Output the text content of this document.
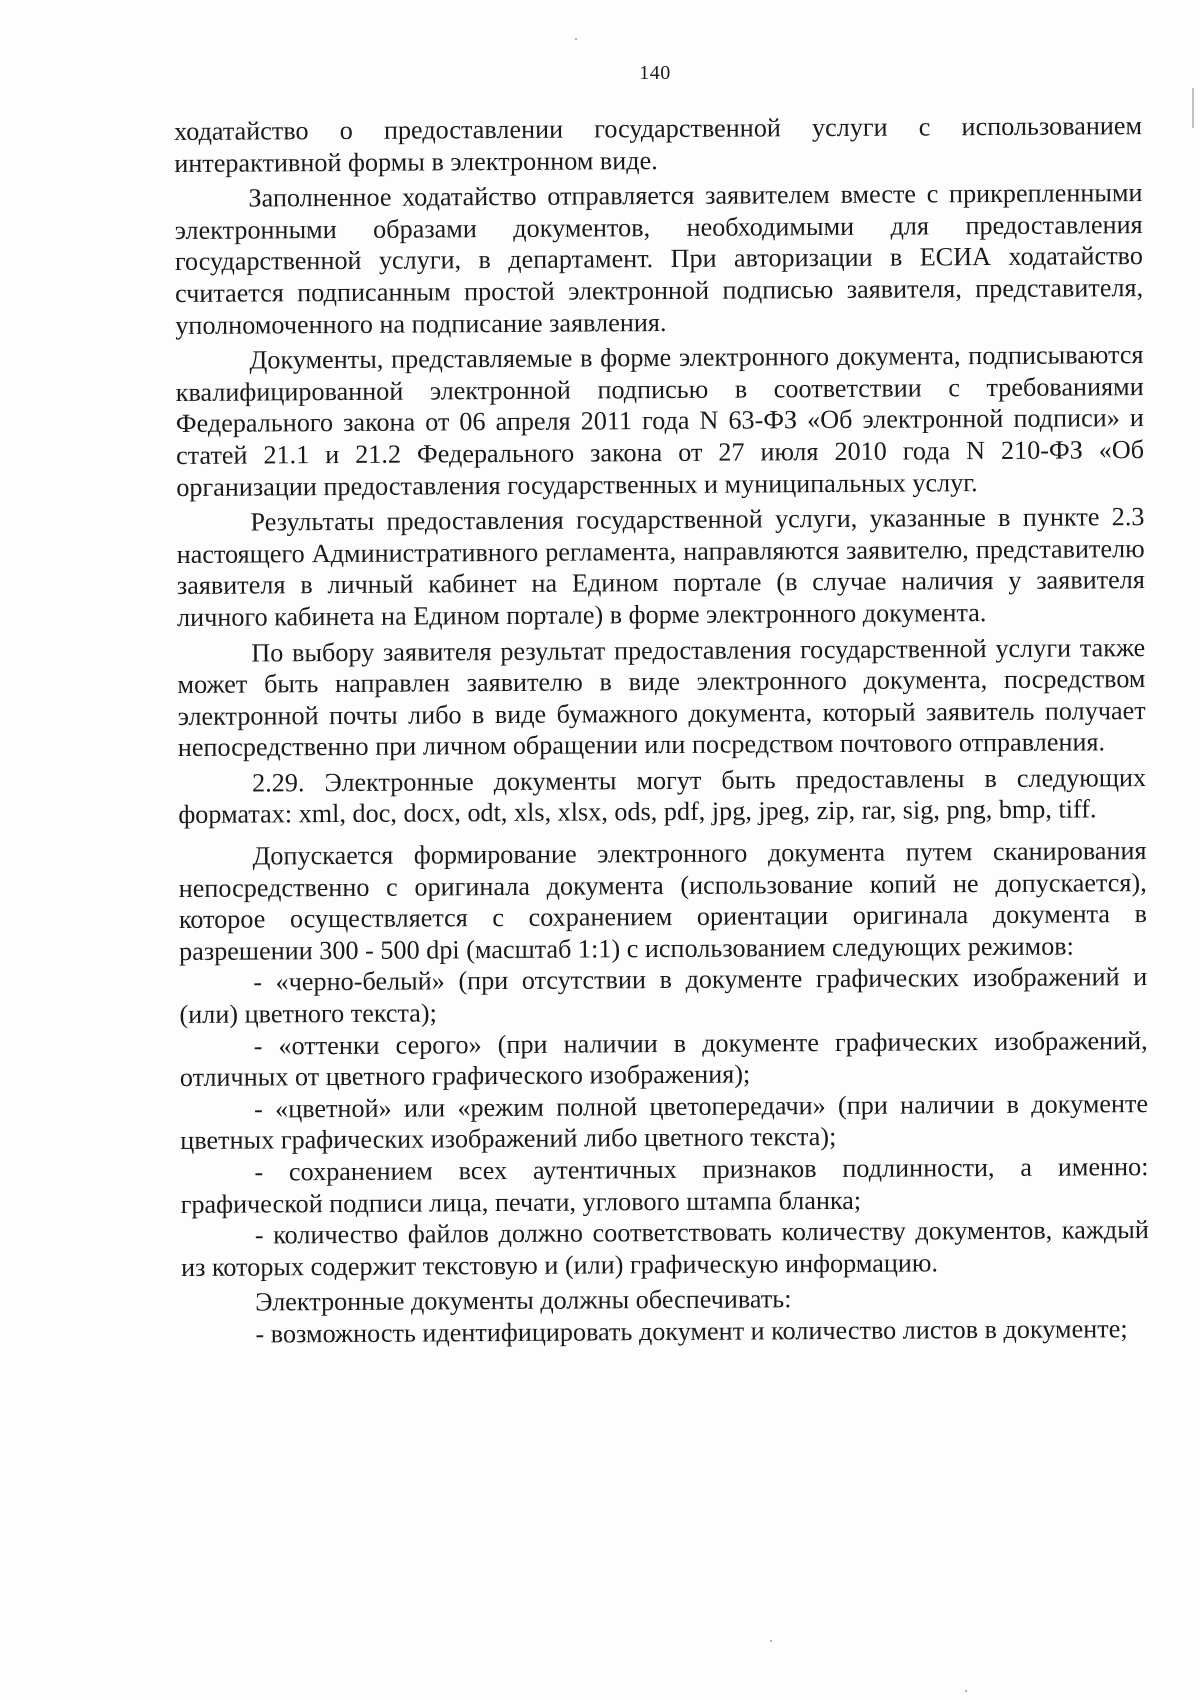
140

ходатайство о предоставлении государственной услуги с использованием интерактивной формы в электронном виде.

Заполненное ходатайство отправляется заявителем вместе с прикрепленными электронными образами документов, необходимыми для предоставления государственной услуги, в департамент. При авторизации в ЕСИА ходатайство считается подписанным простой электронной подписью заявителя, представителя, уполномоченного на подписание заявления.

Документы, представляемые в форме электронного документа, подписываются квалифицированной электронной подписью в соответствии с требованиями Федерального закона от 06 апреля 2011 года N 63-ФЗ «Об электронной подписи» и статей 21.1 и 21.2 Федерального закона от 27 июля 2010 года N 210-ФЗ «Об организации предоставления государственных и муниципальных услуг.

Результаты предоставления государственной услуги, указанные в пункте 2.3 настоящего Административного регламента, направляются заявителю, представителю заявителя в личный кабинет на Едином портале (в случае наличия у заявителя личного кабинета на Едином портале) в форме электронного документа.

По выбору заявителя результат предоставления государственной услуги также может быть направлен заявителю в виде электронного документа, посредством электронной почты либо в виде бумажного документа, который заявитель получает непосредственно при личном обращении или посредством почтового отправления.

2.29. Электронные документы могут быть предоставлены в следующих форматах: xml, doc, docx, odt, xls, xlsx, ods, pdf, jpg, jpeg, zip, rar, sig, png, bmp, tiff.

Допускается формирование электронного документа путем сканирования непосредственно с оригинала документа (использование копий не допускается), которое осуществляется с сохранением ориентации оригинала документа в разрешении 300 - 500 dpi (масштаб 1:1) с использованием следующих режимов:

- «черно-белый» (при отсутствии в документе графических изображений и (или) цветного текста);

- «оттенки серого» (при наличии в документе графических изображений, отличных от цветного графического изображения);

- «цветной» или «режим полной цветопередачи» (при наличии в документе цветных графических изображений либо цветного текста);

- сохранением всех аутентичных признаков подлинности, а именно: графической подписи лица, печати, углового штампа бланка;

- количество файлов должно соответствовать количеству документов, каждый из которых содержит текстовую и (или) графическую информацию.

Электронные документы должны обеспечивать:

- возможность идентифицировать документ и количество листов в документе;
